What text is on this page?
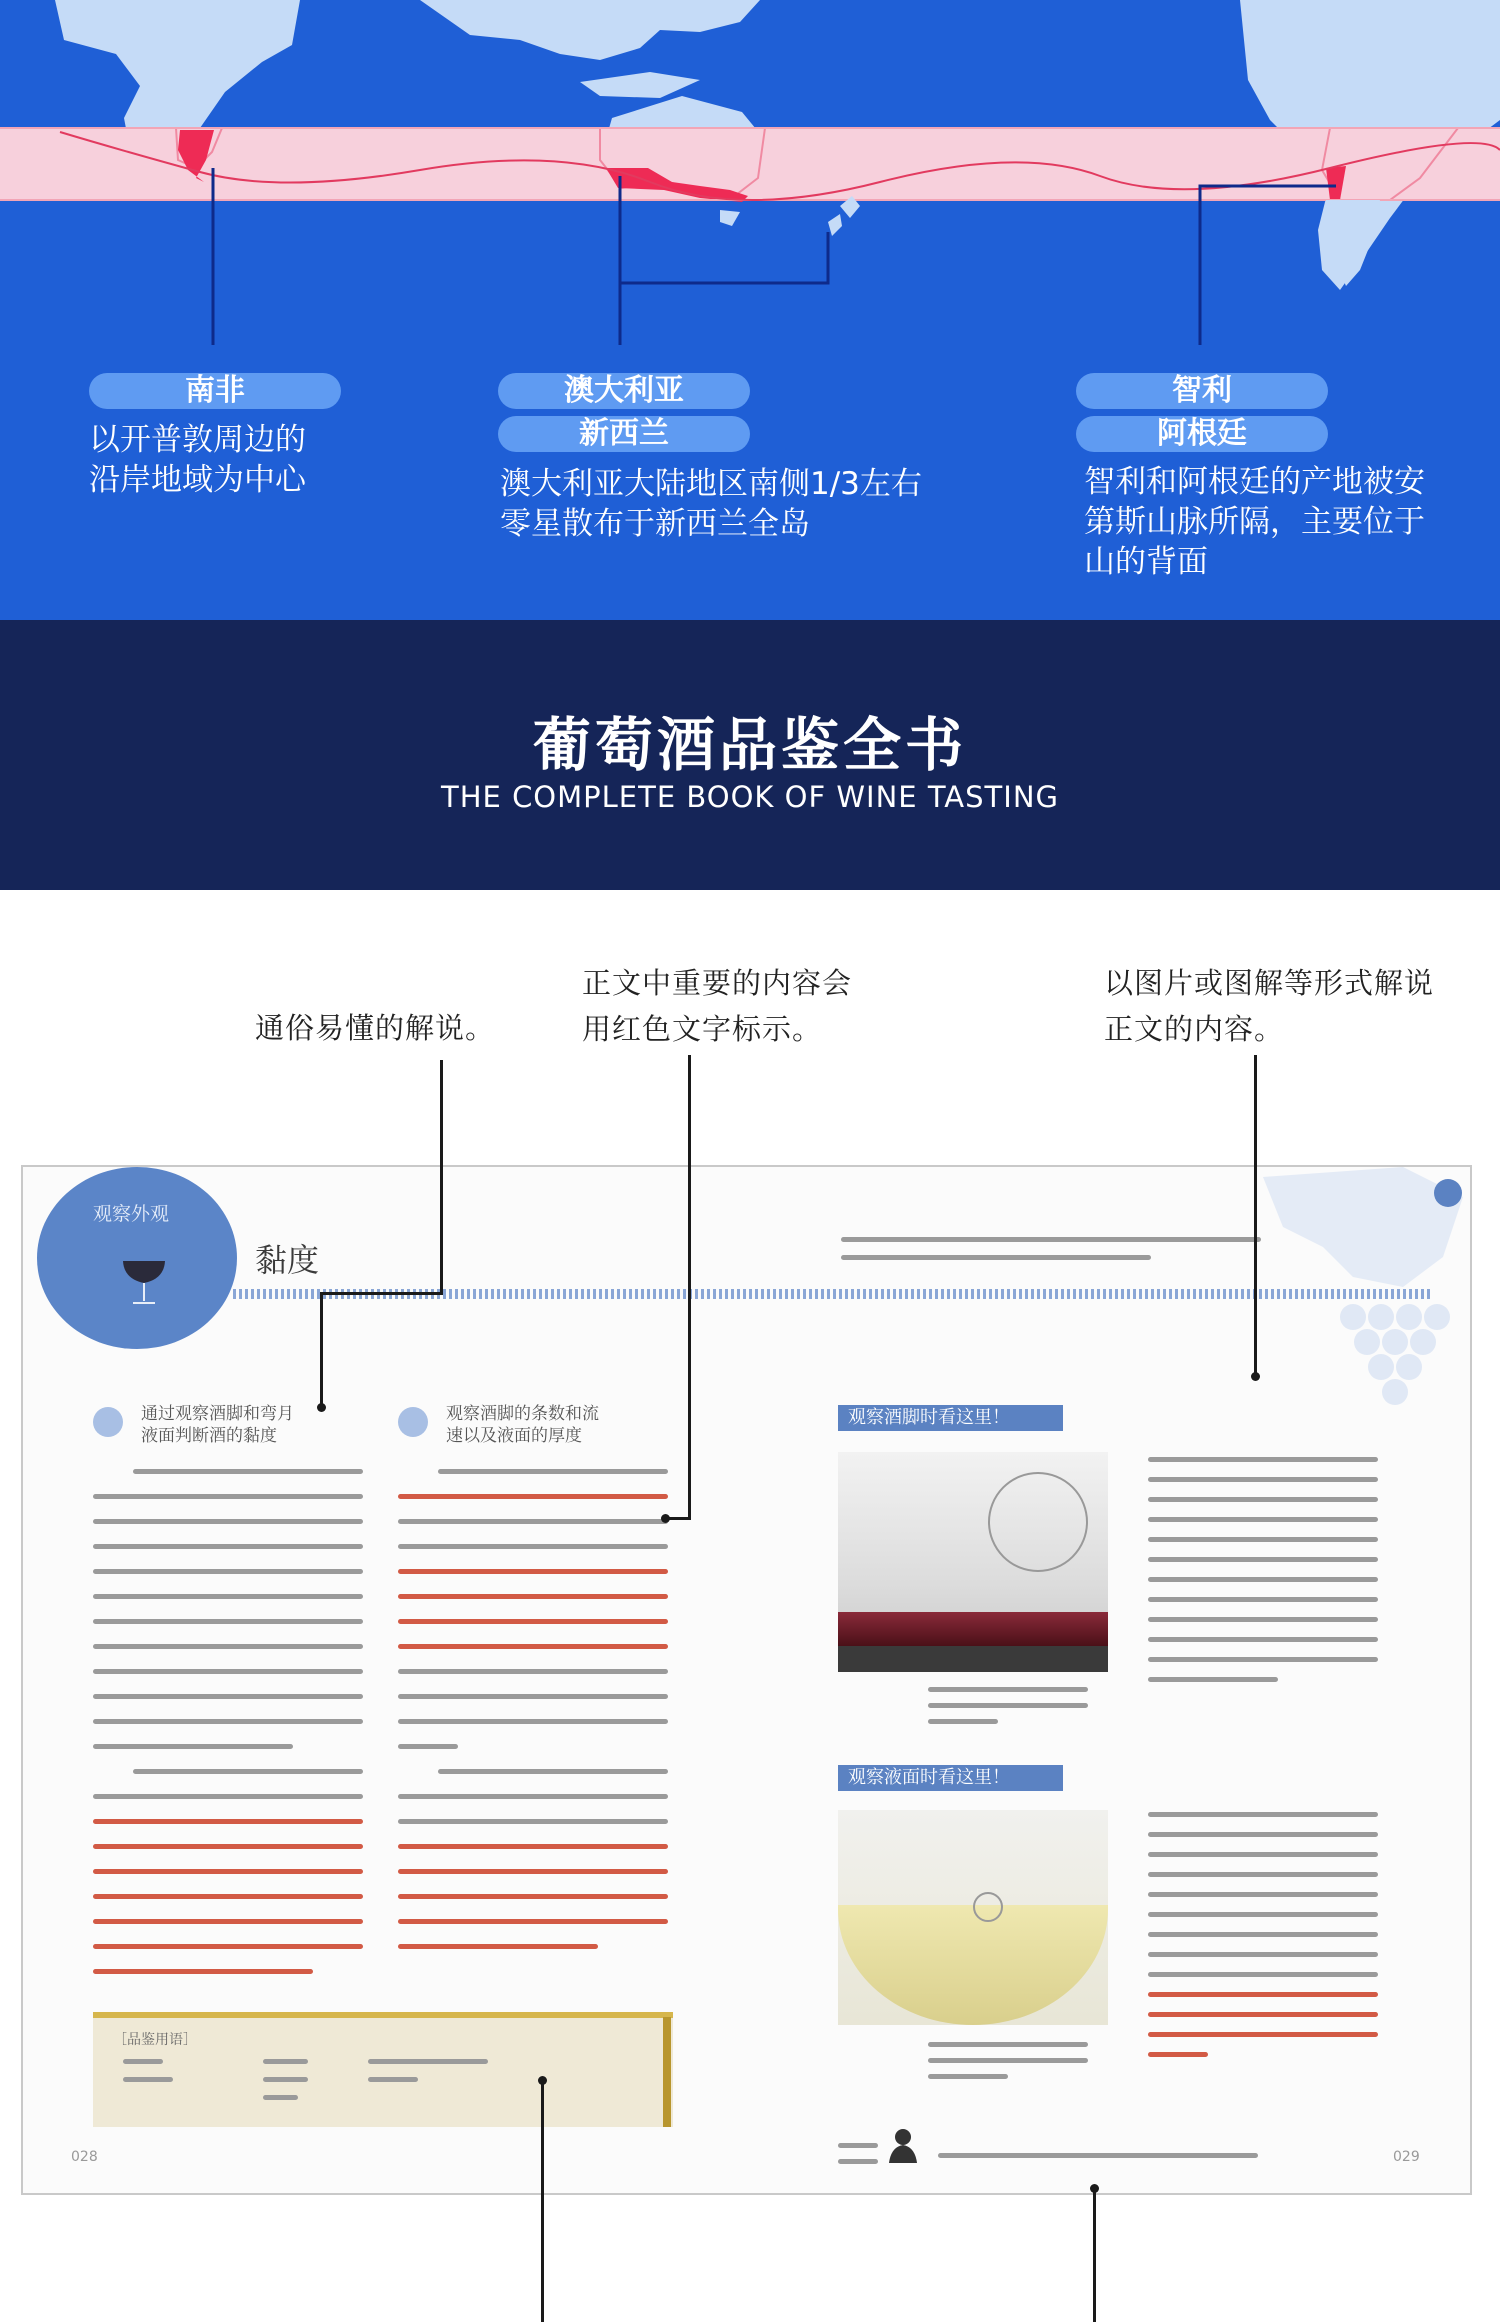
南非
以开普敦周边的
沿岸地域为中心
澳大利亚
新西兰
澳大利亚大陆地区南侧1/3左右
零星散布于新西兰全岛
智利
阿根廷
智利和阿根廷的产地被安
第斯山脉所隔，主要位于
山的背面
葡萄酒品鉴全书
THE COMPLETE BOOK OF WINE TASTING
通俗易懂的解说。
正文中重要的内容会
用红色文字标示。
以图片或图解等形式解说
正文的内容。
观察外观
黏度
通过观察酒脚和弯月
液面判断酒的黏度
观察酒脚的条数和流
速以及液面的厚度
［品鉴用语］
观察酒脚时看这里！
观察液面时看这里！
028	029
